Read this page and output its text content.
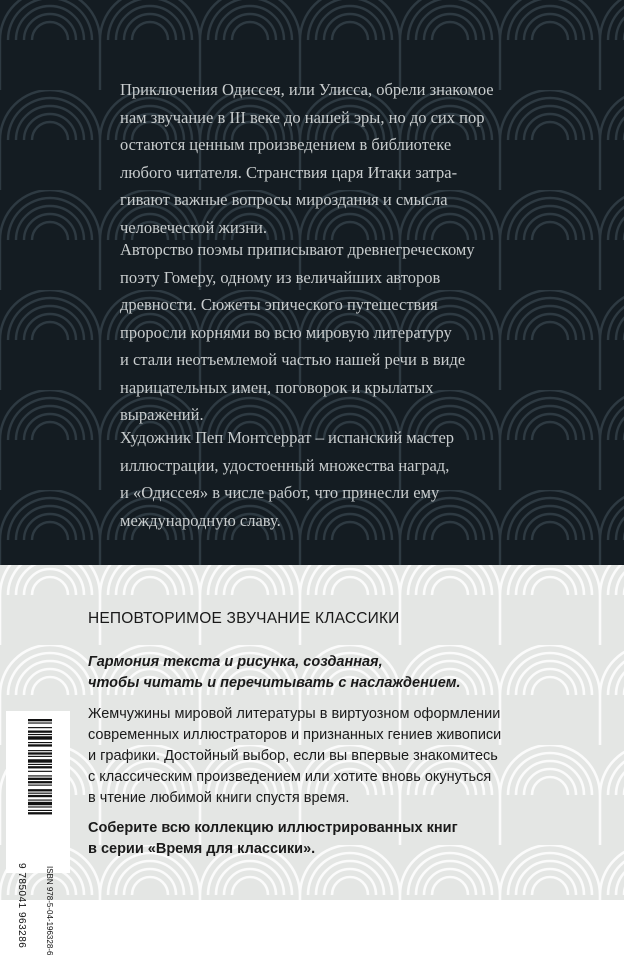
Приключения Одиссея, или Улисса, обрели знакомое
нам звучание в III веке до нашей эры, но до сих пор
остаются ценным произведением в библиотеке
любого читателя. Странствия царя Итаки затра-
гивают важные вопросы мироздания и смысла
человеческой жизни.

Авторство поэмы приписывают древнегреческому
поэту Гомеру, одному из величайших авторов
древности. Сюжеты эпического путешествия
проросли корнями во всю мировую литературу
и стали неотъемлемой частью нашей речи в виде
нарицательных имен, поговорок и крылатых
выражений.

Художник Пеп Монтсеррат – испанский мастер
иллюстрации, удостоенный множества наград,
и «Одиссея» в числе работ, что принесли ему
международную славу.

НЕПОВТОРИМОЕ ЗВУЧАНИЕ КЛАССИКИ

Гармония текста и рисунка, созданная,
чтобы читать и перечитывать с наслаждением.

Жемчужины мировой литературы в виртуозном оформлении
современных иллюстраторов и признанных гениев живописи
и графики. Достойный выбор, если вы впервые знакомитесь
с классическим произведением или хотите вновь окунуться
в чтение любимой книги спустя время.

Соберите всю коллекцию иллюстрированных книг
в серии «Время для классики».

ISBN 978-5-04-196328-6
9 785041 963286
